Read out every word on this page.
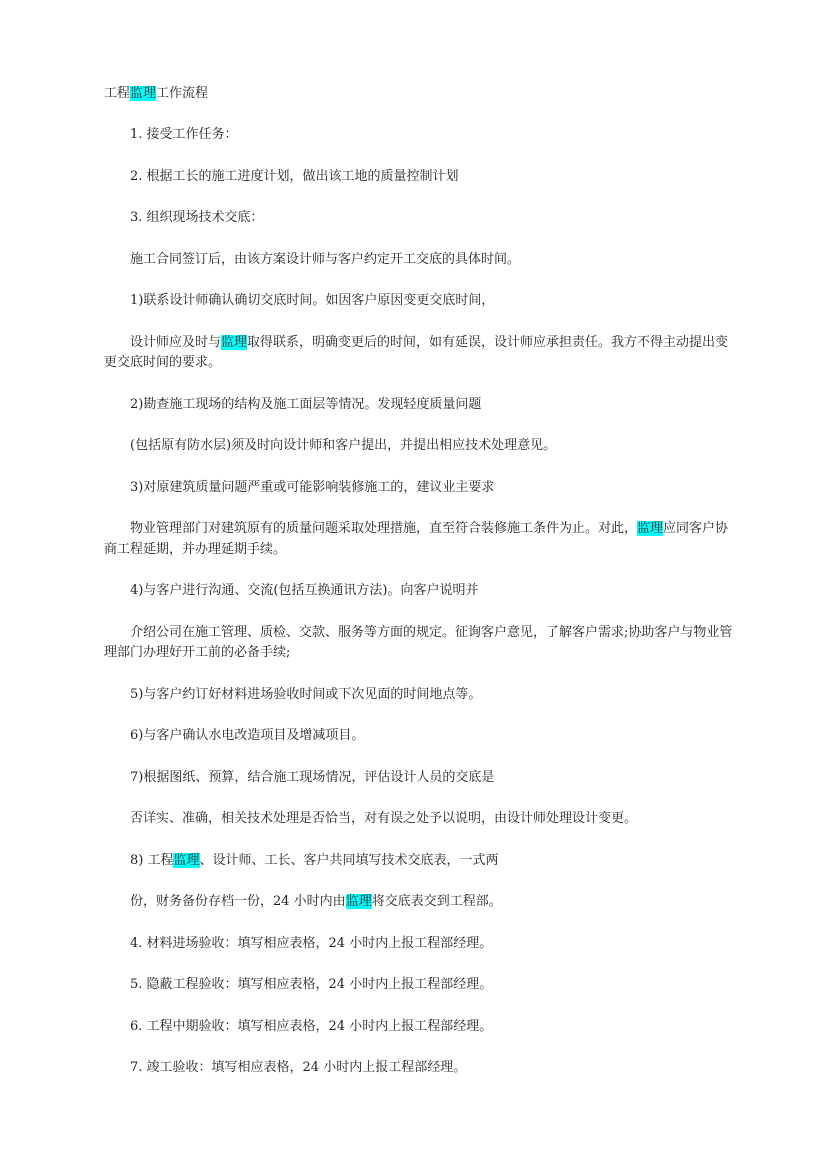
工程监理工作流程
1. 接受工作任务：
2. 根据工长的施工进度计划，做出该工地的质量控制计划
3. 组织现场技术交底：
施工合同签订后，由该方案设计师与客户约定开工交底的具体时间。
1)联系设计师确认确切交底时间。如因客户原因变更交底时间，
设计师应及时与监理取得联系，明确变更后的时间，如有延误，设计师应承担责任。我方不得主动提出变更交底时间的要求。
2)勘查施工现场的结构及施工面层等情况。发现轻度质量问题
(包括原有防水层)须及时向设计师和客户提出，并提出相应技术处理意见。
3)对原建筑质量问题严重或可能影响装修施工的，建议业主要求
物业管理部门对建筑原有的质量问题采取处理措施，直至符合装修施工条件为止。对此，监理应同客户协商工程延期，并办理延期手续。
4)与客户进行沟通、交流(包括互换通讯方法)。向客户说明并
介绍公司在施工管理、质检、交款、服务等方面的规定。征询客户意见，了解客户需求;协助客户与物业管理部门办理好开工前的必备手续;
5)与客户约订好材料进场验收时间或下次见面的时间地点等。
6)与客户确认水电改造项目及增减项目。
7)根据图纸、预算，结合施工现场情况，评估设计人员的交底是
否详实、准确，相关技术处理是否恰当，对有误之处予以说明，由设计师处理设计变更。
8) 工程监理、设计师、工长、客户共同填写技术交底表，一式两
份，财务备份存档一份，24 小时内由监理将交底表交到工程部。
4. 材料进场验收：填写相应表格，24 小时内上报工程部经理。
5. 隐蔽工程验收：填写相应表格，24 小时内上报工程部经理。
6. 工程中期验收：填写相应表格，24 小时内上报工程部经理。
7. 竣工验收：填写相应表格，24 小时内上报工程部经理。
